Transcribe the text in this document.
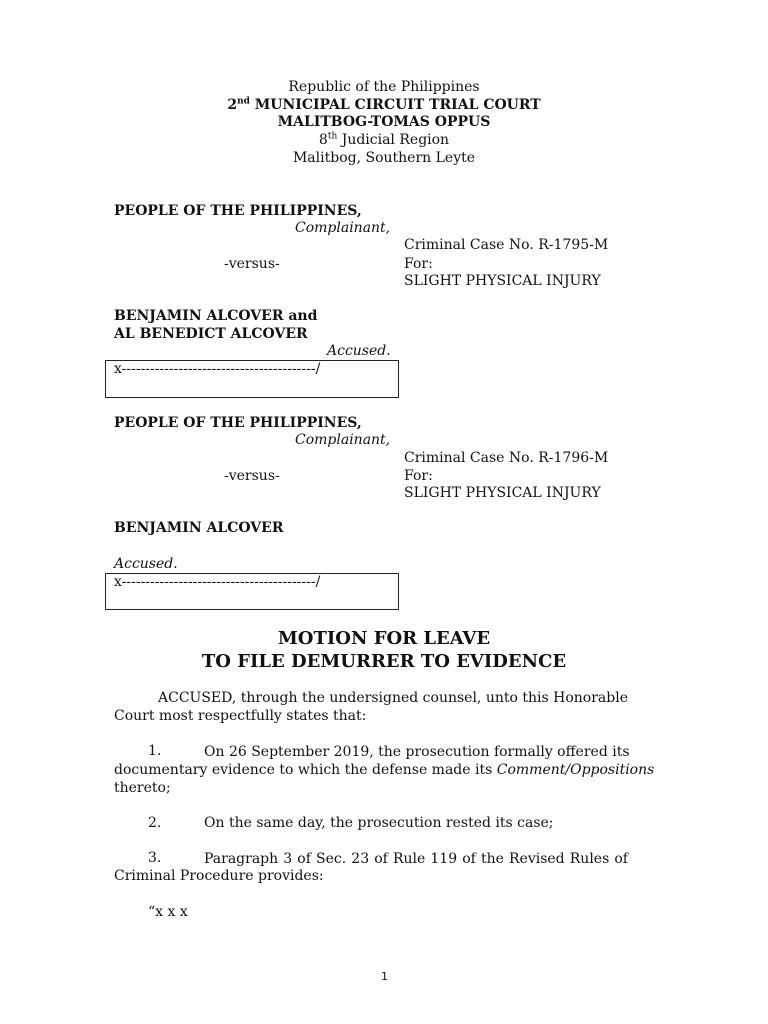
Republic of the Philippines
2nd MUNICIPAL CIRCUIT TRIAL COURT
MALITBOG-TOMAS OPPUS
8th Judicial Region
Malitbog, Southern Leyte
PEOPLE OF THE PHILIPPINES,
Complainant,
Criminal Case No. R-1795-M
-versus-	For:
SLIGHT PHYSICAL INJURY
BENJAMIN ALCOVER and
AL BENEDICT ALCOVER
Accused.
x-----------------------------------------/
PEOPLE OF THE PHILIPPINES,
Complainant,
Criminal Case No. R-1796-M
-versus-	For:
SLIGHT PHYSICAL INJURY
BENJAMIN ALCOVER
Accused.
x-----------------------------------------/
MOTION FOR LEAVE
TO FILE DEMURRER TO EVIDENCE
ACCUSED, through the undersigned counsel, unto this Honorable
Court most respectfully states that:
1.	On 26 September 2019, the prosecution formally offered its
documentary evidence to which the defense made its Comment/Oppositions
thereto;
2.	On the same day, the prosecution rested its case;
3.	Paragraph 3 of Sec. 23 of Rule 119 of the Revised Rules of
Criminal Procedure provides:
“x x x
1
